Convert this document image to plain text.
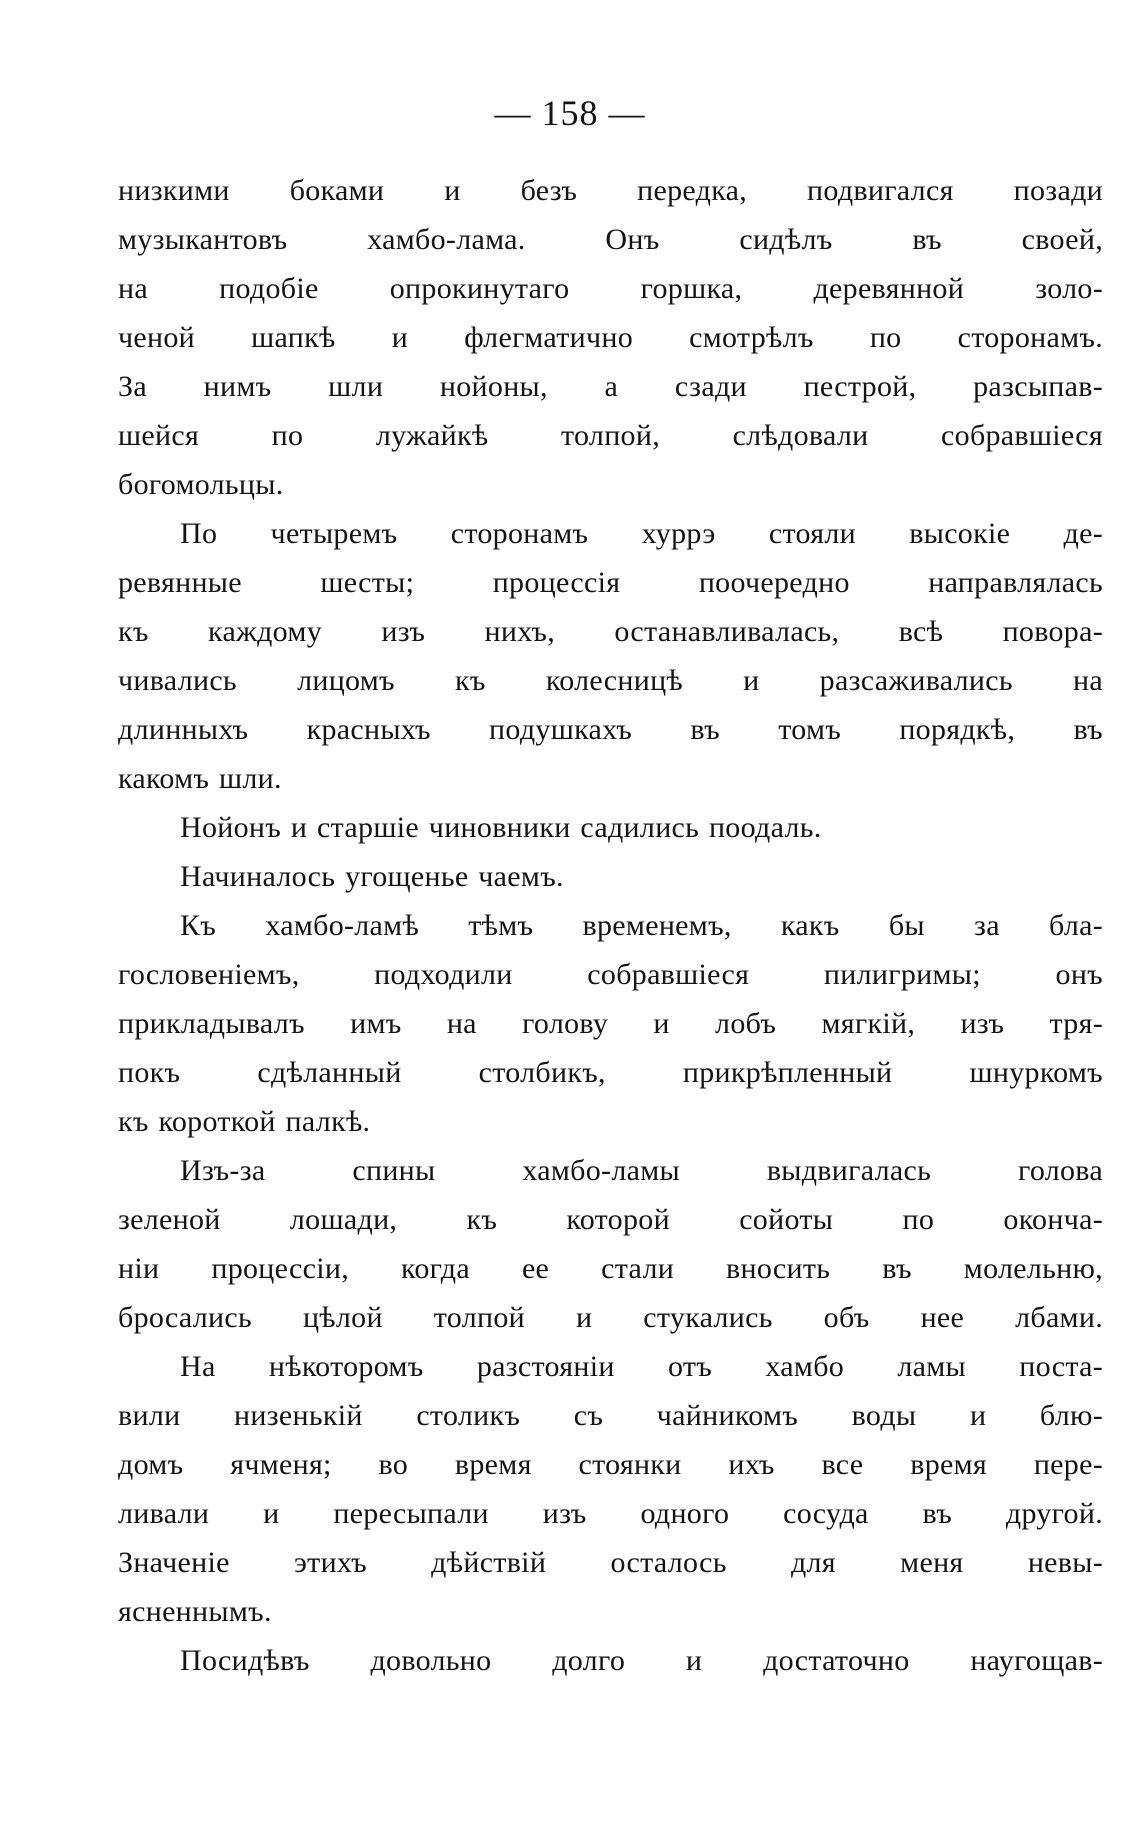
— 158 —
низкими боками и безъ передка, подвигался позади
музыкантовъ хамбо-лама. Онъ сидѣлъ въ своей,
на подобіе опрокинутаго горшка, деревянной золо-
ченой шапкѣ и флегматично смотрѣлъ по сторонамъ.
За нимъ шли нойоны, а сзади пестрой, разсыпав-
шейся по лужайкѣ толпой, слѣдовали собравшіеся
богомольцы.
По четыремъ сторонамъ хуррэ стояли высокіе де-
ревянные шесты; процессія поочередно направлялась
къ каждому изъ нихъ, останавливалась, всѣ повора-
чивались лицомъ къ колесницѣ и разсаживались на
длинныхъ красныхъ подушкахъ въ томъ порядкѣ, въ
какомъ шли.
Нойонъ и старшіе чиновники садились поодаль.
Начиналось угощенье чаемъ.
Къ хамбо-ламѣ тѣмъ временемъ, какъ бы за бла-
гословеніемъ, подходили собравшіеся пилигримы; онъ
прикладывалъ имъ на голову и лобъ мягкій, изъ тря-
покъ сдѣланный столбикъ, прикрѣпленный шнуркомъ
къ короткой палкѣ.
Изъ-за спины хамбо-ламы выдвигалась голова
зеленой лошади, къ которой сойоты по оконча-
ніи процессіи, когда ее стали вносить въ молельню,
бросались цѣлой толпой и стукались объ нее лбами.
На нѣкоторомъ разстояніи отъ хамбо ламы поста-
вили низенькій столикъ съ чайникомъ воды и блю-
домъ ячменя; во время стоянки ихъ все время пере-
ливали и пересыпали изъ одного сосуда въ другой.
Значеніе этихъ дѣйствій осталось для меня невы-
ясненнымъ.
Посидѣвъ довольно долго и достаточно наугощав-
